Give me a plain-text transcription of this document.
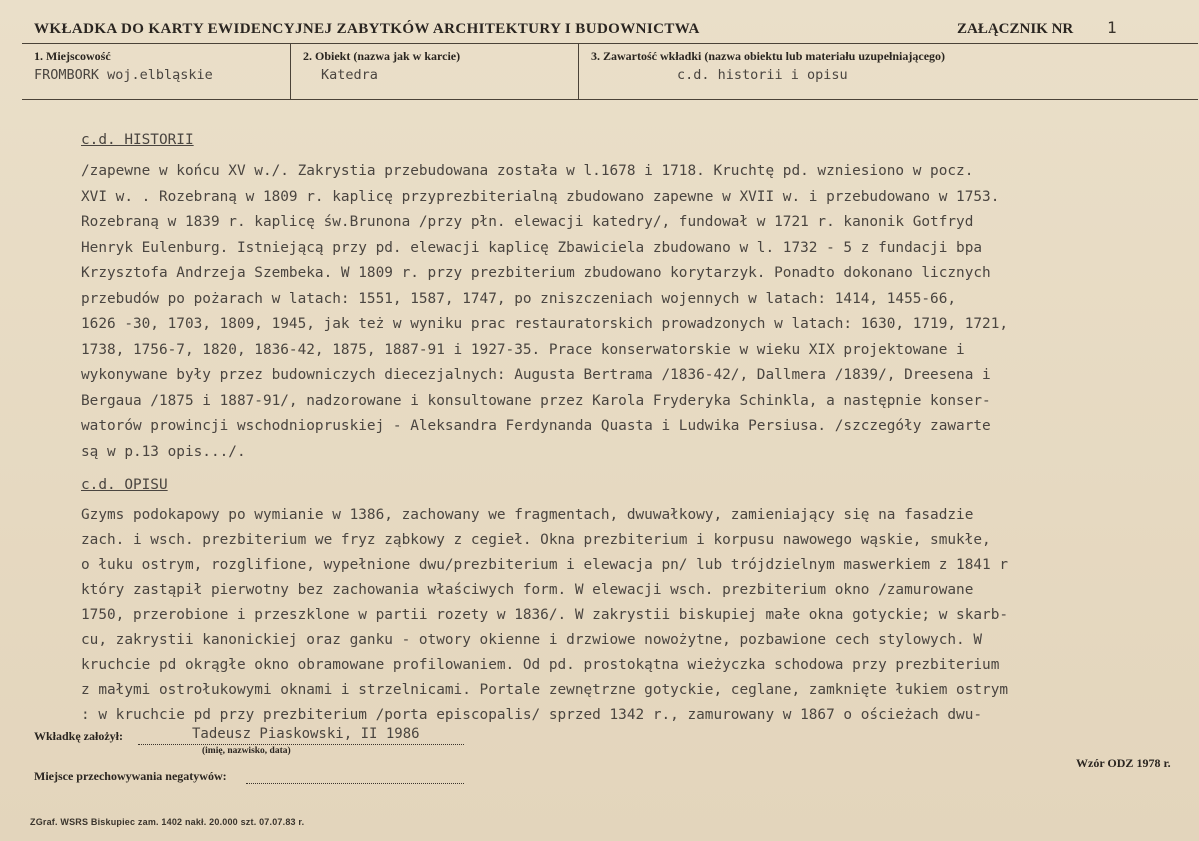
WKŁADKA DO KARTY EWIDENCYJNEJ ZABYTKÓW ARCHITEKTURY I BUDOWNICTWA	ZAŁĄCZNIK NR 1
1. Miejscowość
FROMBORK woj.elbląskie
2. Obiekt (nazwa jak w karcie)
Katedra
3. Zawartość wkładki (nazwa obiektu lub materiału uzupełniającego)
c.d. historii i opisu
c.d. HISTORII
/zapewne w końcu XV w./. Zakrystia przebudowana została w l.1678 i 1718. Kruchtę pd. wzniesiono w pocz.
XVI w. . Rozebraną w 1809 r. kaplicę przyprezbiterialną zbudowano zapewne w XVII w. i przebudowano w 1753.
Rozebraną w 1839 r. kaplicę św.Brunona /przy płn. elewacji katedry/, fundował w 1721 r. kanonik Gotfryd
Henryk Eulenburg. Istniejącą przy pd. elewacji kaplicę Zbawiciela zbudowano w l. 1732 - 5 z fundacji bpa
Krzysztofa Andrzeja Szembeka. W 1809 r. przy prezbiterium zbudowano korytarzyk. Ponadto dokonano licznych
przebudów po pożarach w latach: 1551, 1587, 1747, po zniszczeniach wojennych w latach: 1414, 1455-66,
1626 -30, 1703, 1809, 1945, jak też w wyniku prac restauratorskich prowadzonych w latach: 1630, 1719, 1721,
1738, 1756-7, 1820, 1836-42, 1875, 1887-91 i 1927-35. Prace konserwatorskie w wieku XIX projektowane i
wykonywane były przez budowniczych diecezjalnych: Augusta Bertrama /1836-42/, Dallmera /1839/, Dreesena i
Bergaua /1875 i 1887-91/, nadzorowane i konsultowane przez Karola Fryderyka Schinkla, a następnie konser-
watorów prowincji wschodniopruskiej - Aleksandra Ferdynanda Quasta i Ludwika Persiusa. /szczegóły zawarte
są w p.13 opis.../.
c.d. OPISU
Gzyms podokapowy po wymianie w 1386, zachowany we fragmentach, dwuwałkowy, zamieniający się na fasadzie
zach. i wsch. prezbiterium we fryz ząbkowy z cegieł. Okna prezbiterium i korpusu nawowego wąskie, smukłe,
o łuku ostrym, rozglifione, wypełnione dwu/prezbiterium i elewacja pn/ lub trójdzielnym maswerkiem z 1841 r
który zastąpił pierwotny bez zachowania właściwych form. W elewacji wsch. prezbiterium okno /zamurowane
1750, przerobione i przeszklone w partii rozety w 1836/. W zakrystii biskupiej małe okna gotyckie; w skarb-
cu, zakrystii kanonickiej oraz ganku - otwory okienne i drzwiowe nowożytne, pozbawione cech stylowych. W
kruchcie pd okrągłe okno obramowane profilowaniem. Od pd. prostokątna wieżyczka schodowa przy prezbiterium
z małymi ostrołukowymi oknami i strzelnicami. Portale zewnętrzne gotyckie, ceglane, zamknięte łukiem ostrym
: w kruchcie pd przy prezbiterium /porta episcopalis/ sprzed 1342 r., zamurowany w 1867 o ościeżach dwu-
Wkładkę założył:	Tadeusz Piaskowski, II 1986
(imię, nazwisko, data)
Wzór ODZ 1978 r.
Miejsce przechowywania negatywów:
ZGraf. WSRS Biskupiec zam. 1402 nakł. 20.000 szt. 07.07.83 r.
